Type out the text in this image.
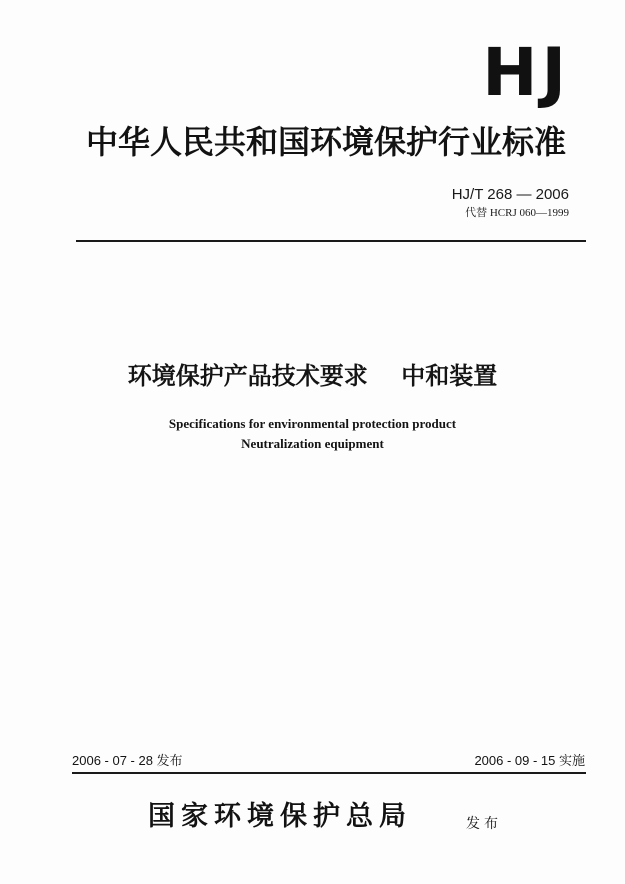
HJ
中华人民共和国环境保护行业标准
HJ/T 268 — 2006
代替 HCRJ 060—1999
环境保护产品技术要求    中和装置
Specifications for environmental protection product
Neutralization equipment
2006 - 07 - 28 发布	2006 - 09 - 15 实施
国家环境保护总局	发布
